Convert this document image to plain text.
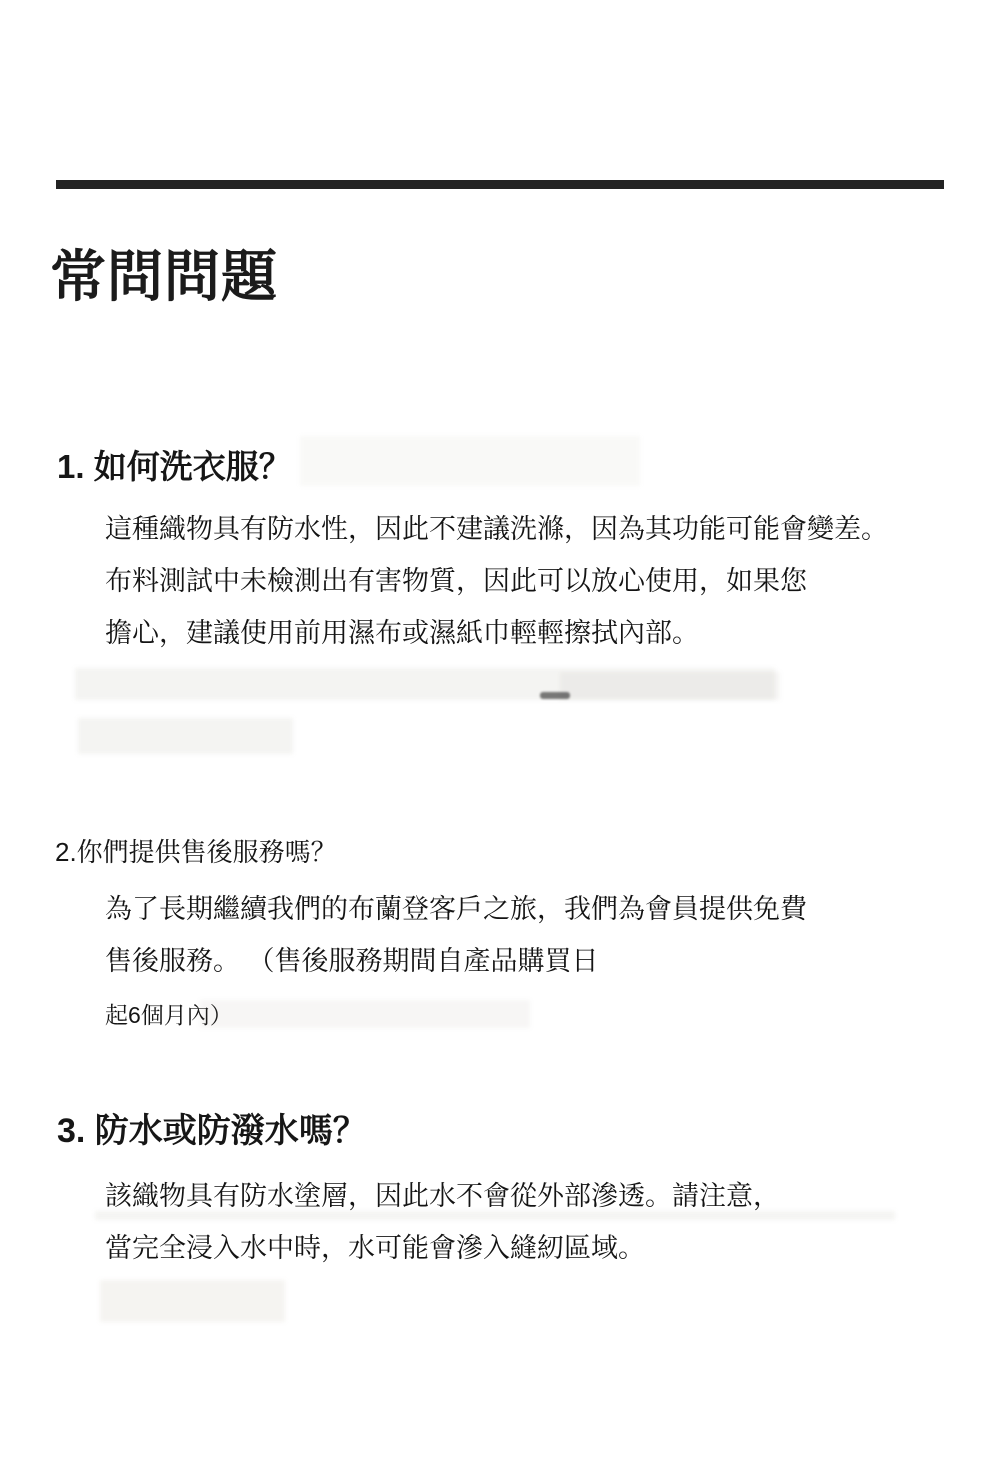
常問問題
1. 如何洗衣服？
這種織物具有防水性，因此不建議洗滌，因為其功能可能會變差。
布料測試中未檢測出有害物質，因此可以放心使用，如果您
擔心，建議使用前用濕布或濕紙巾輕輕擦拭內部。
2.你們提供售後服務嗎？
為了長期繼續我們的布蘭登客戶之旅，我們為會員提供免費
售後服務。 （售後服務期間自產品購買日
起6個月內）
3. 防水或防潑水嗎？
該織物具有防水塗層，因此水不會從外部滲透。請注意，
當完全浸入水中時，水可能會滲入縫紉區域。
